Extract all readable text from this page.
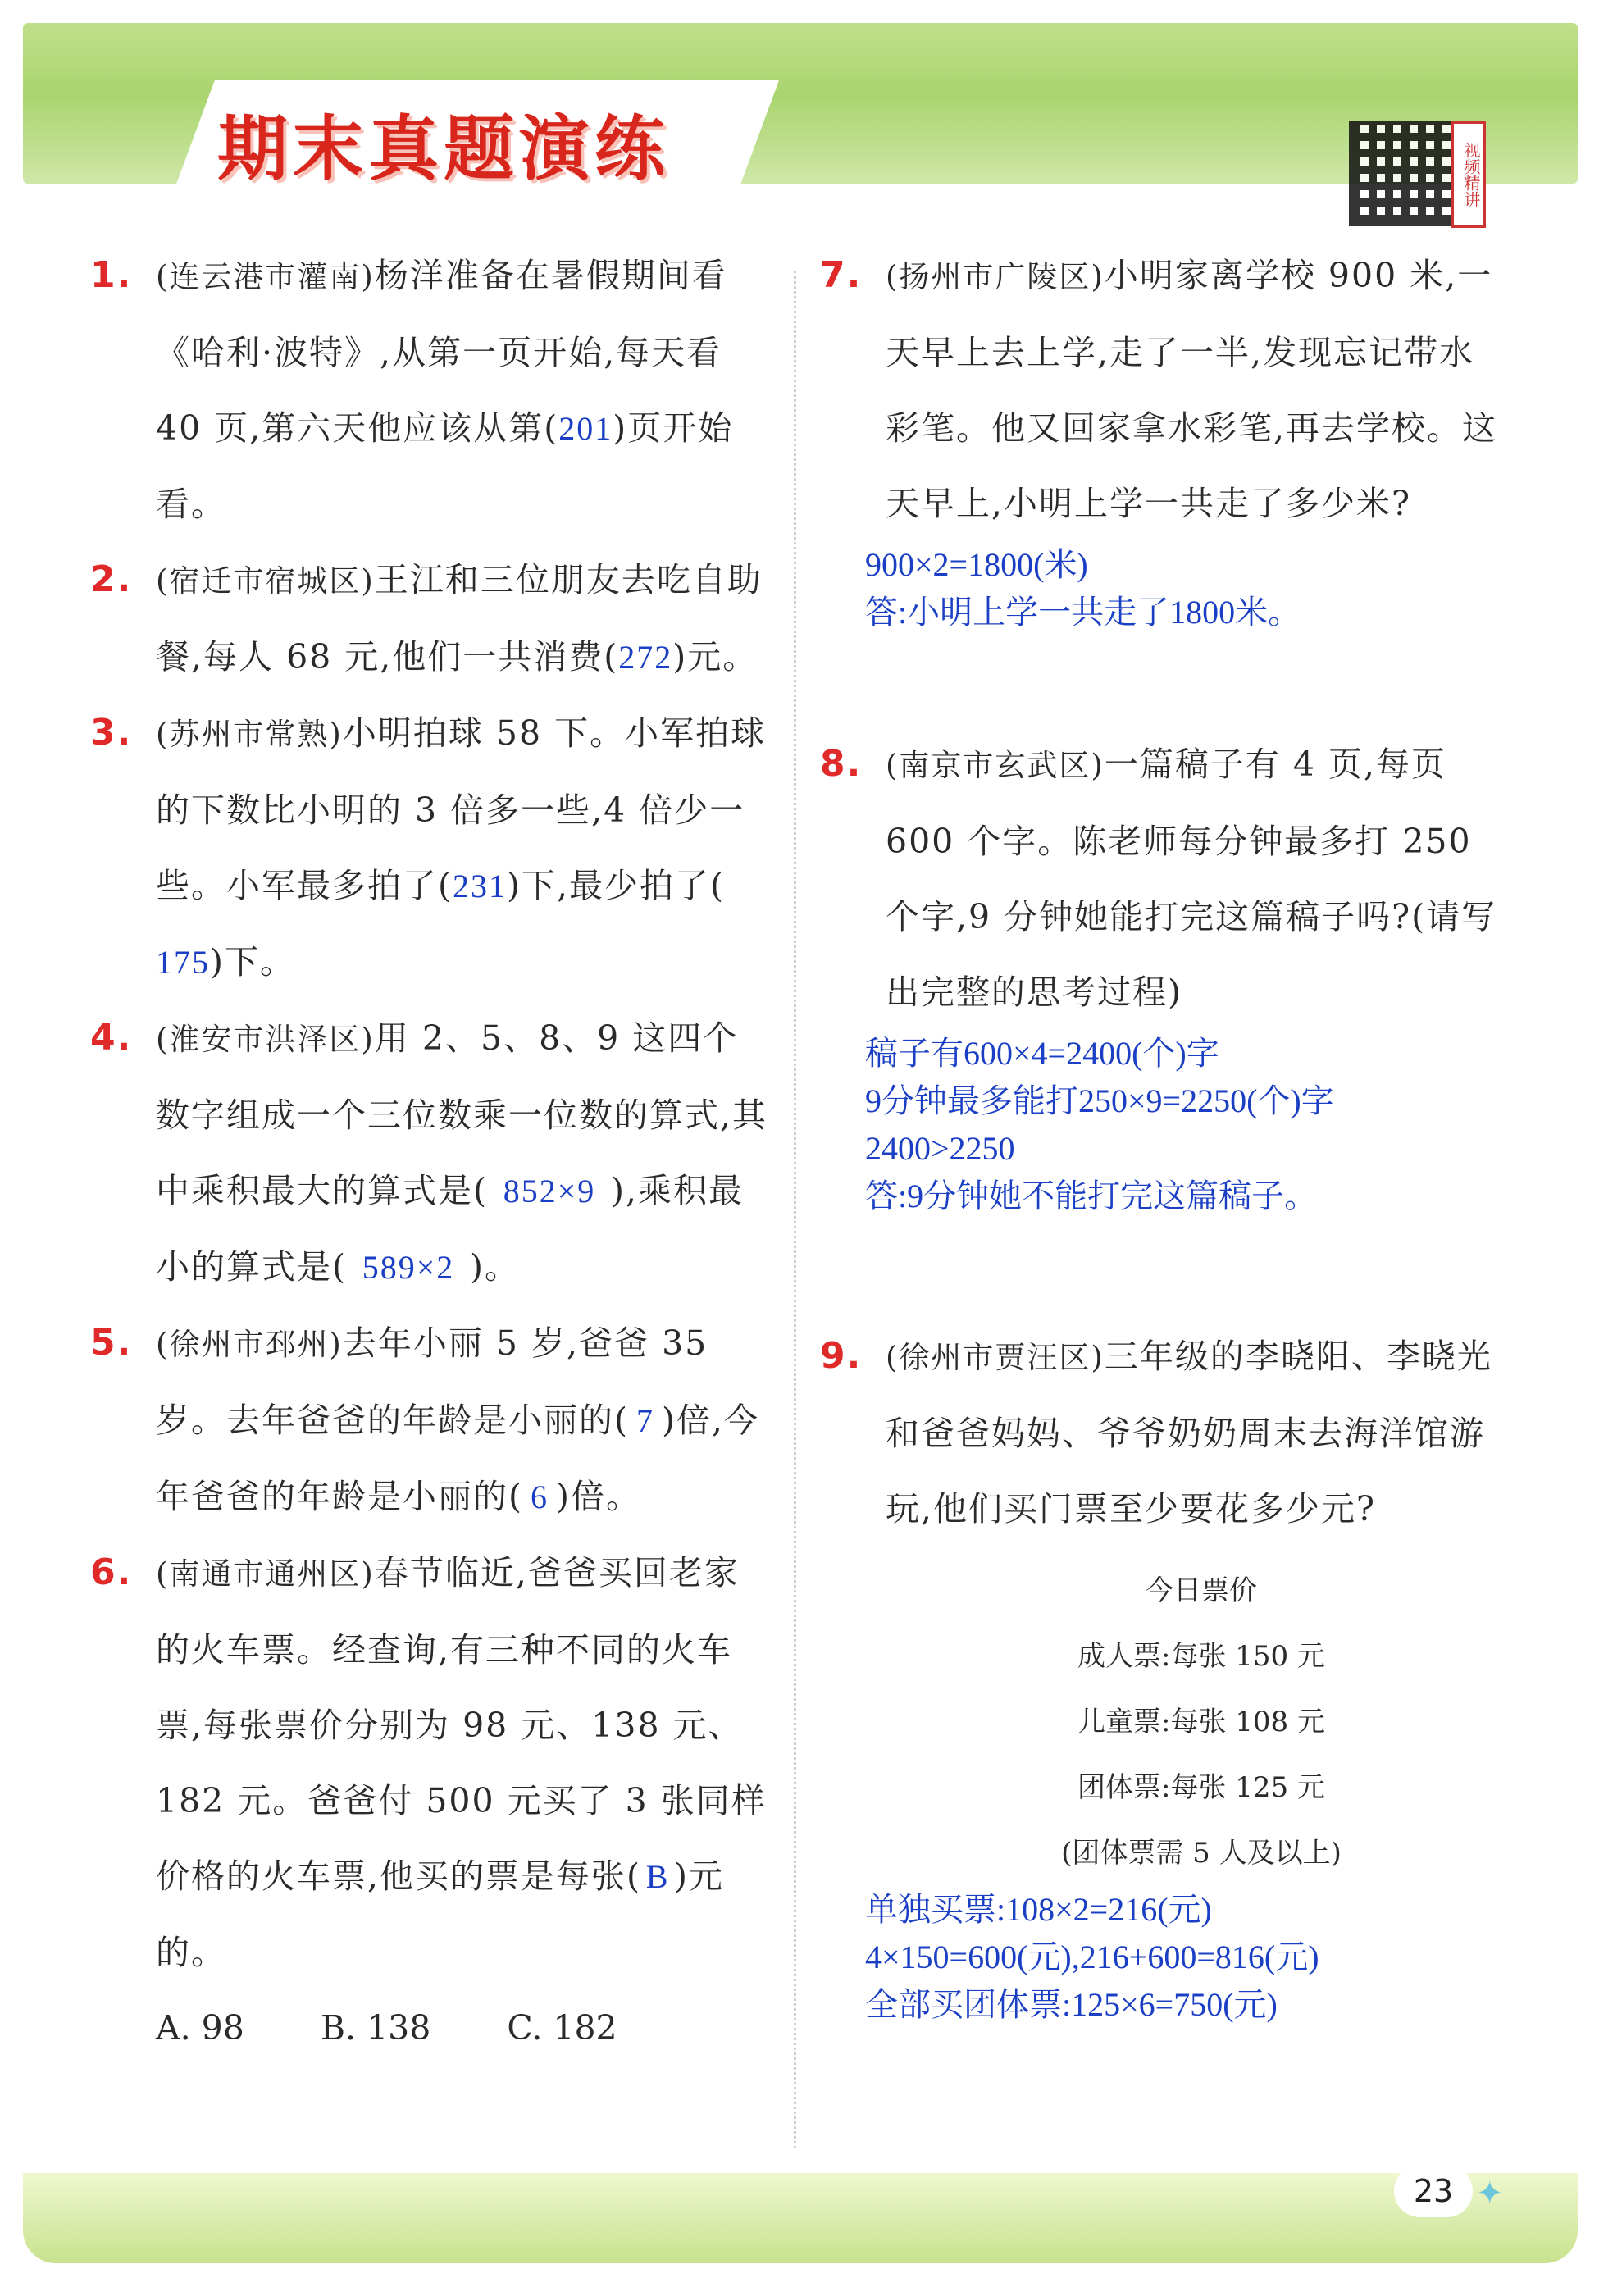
期末真题演练	视频精讲
1. (连云港市灌南)杨洋准备在暑假期间看《哈利·波特》,从第一页开始,每天看 40 页,第六天他应该从第(201)页开始看。
2. (宿迁市宿城区)王江和三位朋友去吃自助餐,每人 68 元,他们一共消费(272)元。
3. (苏州市常熟)小明拍球 58 下。小军拍球的下数比小明的 3 倍多一些,4 倍少一些。小军最多拍了(231)下,最少拍了(175)下。
4. (淮安市洪泽区)用 2、5、8、9 这四个数字组成一个三位数乘一位数的算式,其中乘积最大的算式是( 852×9 ),乘积最小的算式是( 589×2 )。
5. (徐州市邳州)去年小丽 5 岁,爸爸 35 岁。去年爸爸的年龄是小丽的( 7 )倍,今年爸爸的年龄是小丽的( 6 )倍。
6. (南通市通州区)春节临近,爸爸买回老家的火车票。经查询,有三种不同的火车票,每张票价分别为 98 元、138 元、182 元。爸爸付 500 元买了 3 张同样价格的火车票,他买的票是每张( B )元的。
A. 98 B. 138 C. 182
7. (扬州市广陵区)小明家离学校 900 米,一天早上去上学,走了一半,发现忘记带水彩笔。他又回家拿水彩笔,再去学校。这天早上,小明上学一共走了多少米?
900×2=1800(米)
答:小明上学一共走了1800米。
8. (南京市玄武区)一篇稿子有 4 页,每页 600 个字。陈老师每分钟最多打 250 个字,9 分钟她能打完这篇稿子吗?(请写出完整的思考过程)
稿子有600×4=2400(个)字
9分钟最多能打250×9=2250(个)字
2400>2250
答:9分钟她不能打完这篇稿子。
9. (徐州市贾汪区)三年级的李晓阳、李晓光和爸爸妈妈、爷爷奶奶周末去海洋馆游玩,他们买门票至少要花多少元?
今日票价
成人票:每张 150 元
儿童票:每张 108 元
团体票:每张 125 元
(团体票需 5 人及以上)
单独买票:108×2=216(元)
4×150=600(元),216+600=816(元)
全部买团体票:125×6=750(元)
23 ✦
